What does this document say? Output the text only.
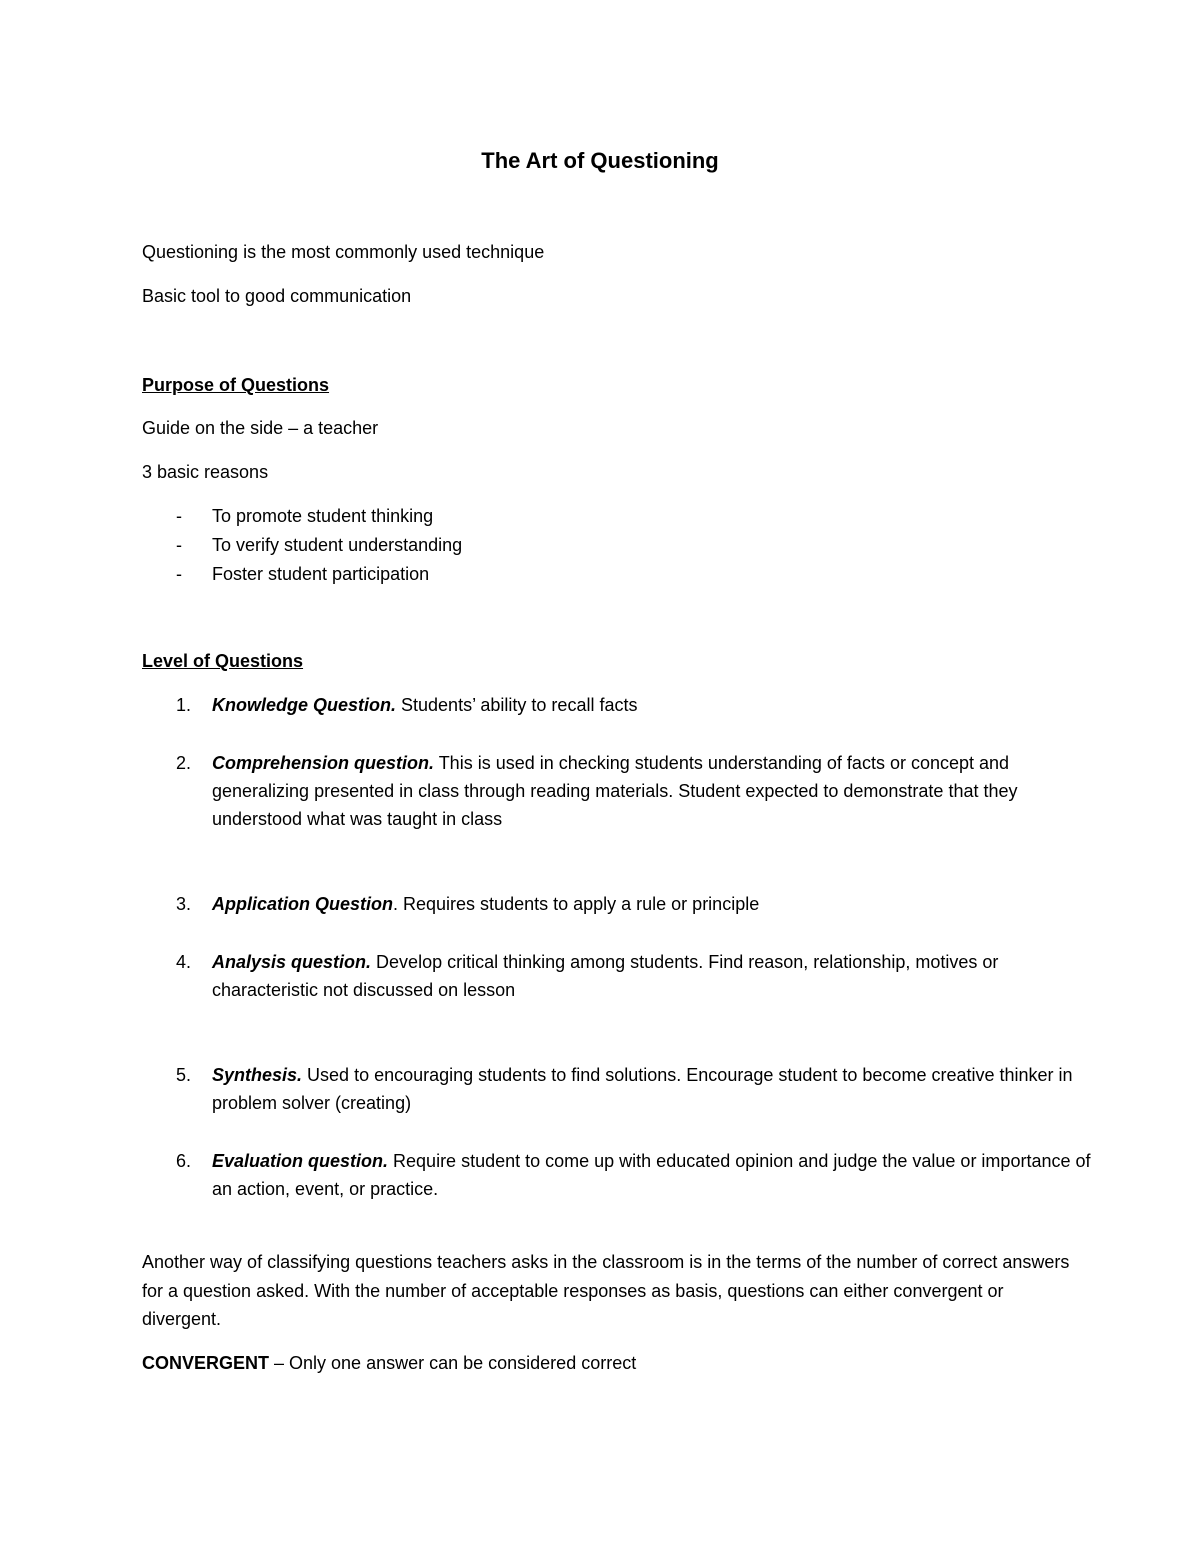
The Art of Questioning
Questioning is the most commonly used technique
Basic tool to good communication
Purpose of Questions
Guide on the side – a teacher
3 basic reasons
- To promote student thinking
- To verify student understanding
- Foster student participation
Level of Questions
1. Knowledge Question. Students’ ability to recall facts
2. Comprehension question. This is used in checking students understanding of facts or concept and generalizing presented in class through reading materials. Student expected to demonstrate that they understood what was taught in class
3. Application Question. Requires students to apply a rule or principle
4. Analysis question. Develop critical thinking among students. Find reason, relationship, motives or characteristic not discussed on lesson
5. Synthesis. Used to encouraging students to find solutions. Encourage student to become creative thinker in problem solver (creating)
6. Evaluation question. Require student to come up with educated opinion and judge the value or importance of an action, event, or practice.
Another way of classifying questions teachers asks in the classroom is in the terms of the number of correct answers for a question asked. With the number of acceptable responses as basis, questions can either convergent or divergent.
CONVERGENT – Only one answer can be considered correct
